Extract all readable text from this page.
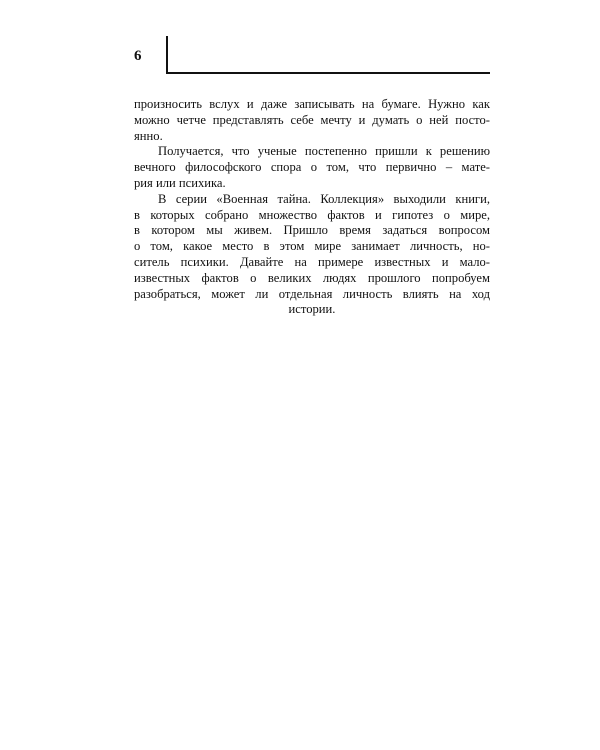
6
произносить вслух и даже записывать на бумаге. Нужно как
можно четче представлять себе мечту и думать о ней посто-
янно.
Получается, что ученые постепенно пришли к решению
вечного философского спора о том, что первично – мате-
рия или психика.
В серии «Военная тайна. Коллекция» выходили книги,
в которых собрано множество фактов и гипотез о мире,
в котором мы живем. Пришло время задаться вопросом
о том, какое место в этом мире занимает личность, но-
ситель психики. Давайте на примере известных и мало-
известных фактов о великих людях прошлого попробуем
разобраться, может ли отдельная личность влиять на ход
истории.
